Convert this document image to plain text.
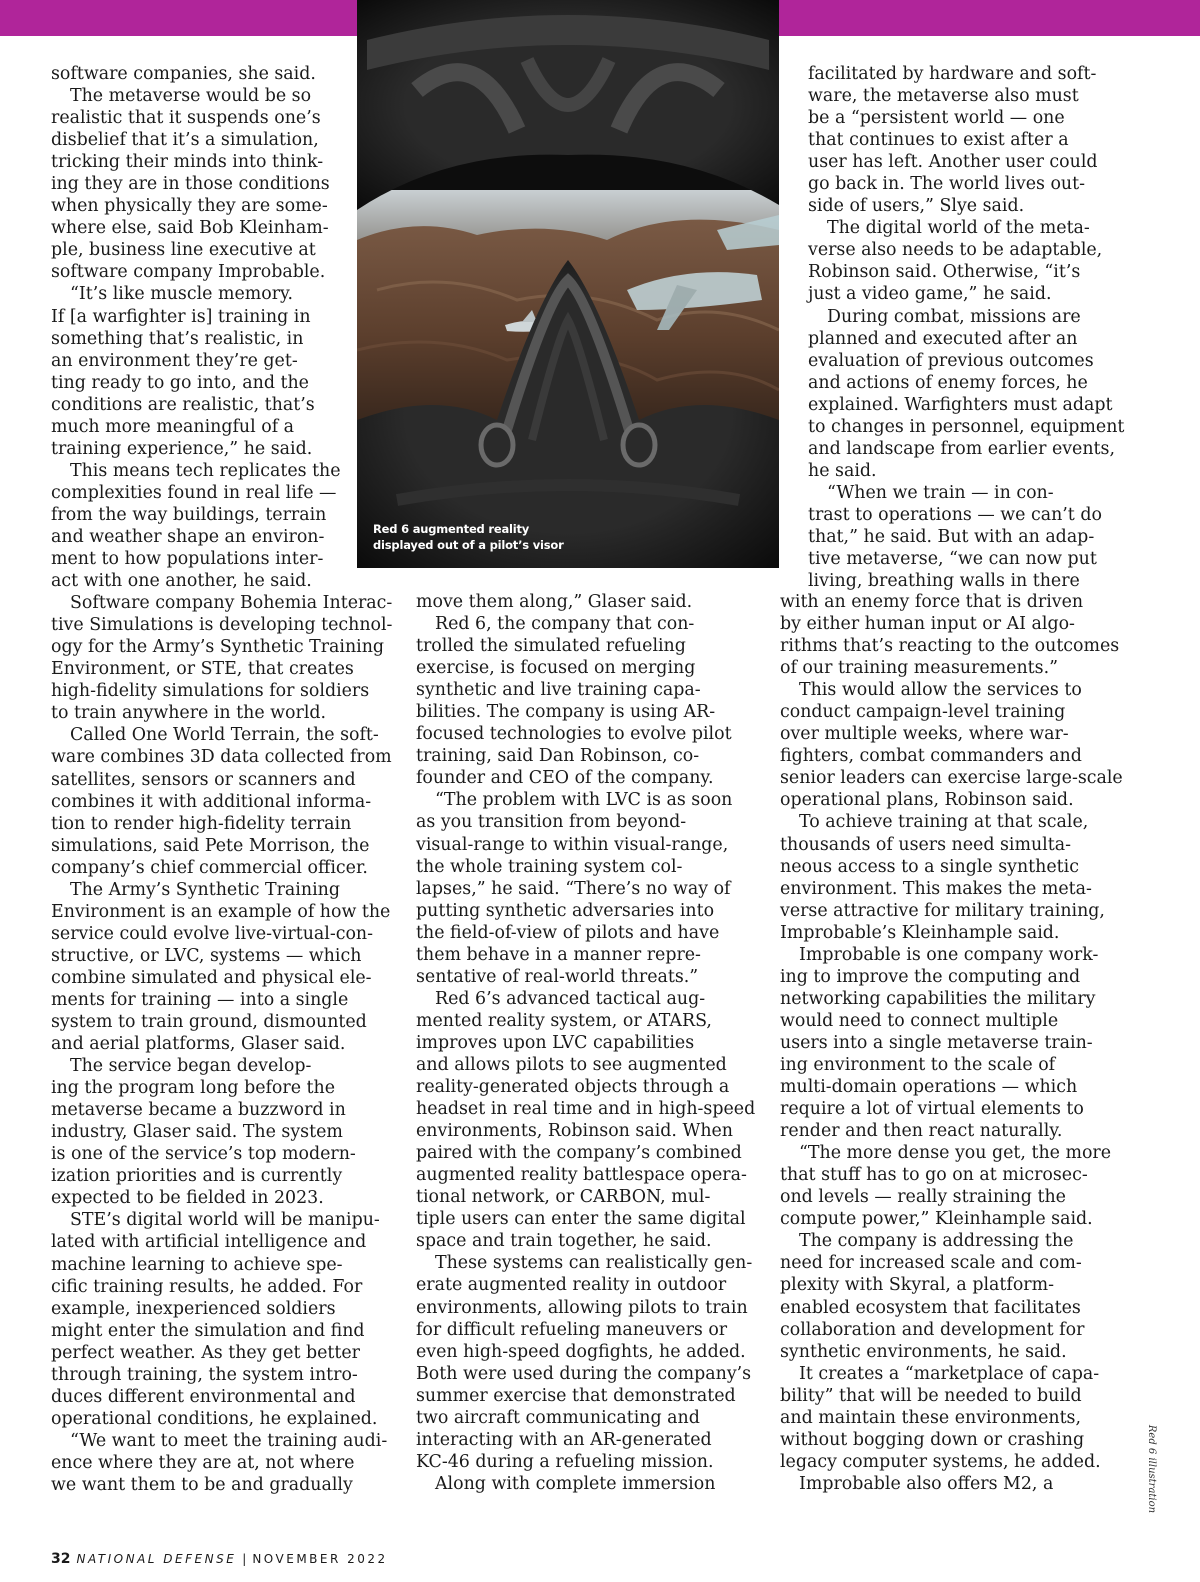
software companies, she said.

The metaverse would be so

realistic that it suspends one’s

disbelief that it’s a simulation,

tricking their minds into think-

ing they are in those conditions

when physically they are some-

where else, said Bob Kleinham-

ple, business line executive at

software company Improbable.

“It’s like muscle memory.

If [a warfighter is] training in

something that’s realistic, in

an environment they’re get-

ting ready to go into, and the

conditions are realistic, that’s

much more meaningful of a

training experience,” he said.

This means tech replicates the

complexities found in real life —

from the way buildings, terrain

and weather shape an environ-

ment to how populations inter-

act with one another, he said.

Software company Bohemia Interac-

tive Simulations is developing technol-

ogy for the Army’s Synthetic Training

Environment, or STE, that creates

high-fidelity simulations for soldiers

to train anywhere in the world.

Called One World Terrain, the soft-

ware combines 3D data collected from

satellites, sensors or scanners and

combines it with additional informa-

tion to render high-fidelity terrain

simulations, said Pete Morrison, the

company’s chief commercial officer.

The Army’s Synthetic Training

Environment is an example of how the

service could evolve live-virtual-con-

structive, or LVC, systems — which

combine simulated and physical ele-

ments for training — into a single

system to train ground, dismounted

and aerial platforms, Glaser said.

The service began develop-

ing the program long before the

metaverse became a buzzword in

industry, Glaser said. The system

is one of the service’s top modern-

ization priorities and is currently

expected to be fielded in 2023.

STE’s digital world will be manipu-

lated with artificial intelligence and

machine learning to achieve spe-

cific training results, he added. For

example, inexperienced soldiers

might enter the simulation and find

perfect weather. As they get better

through training, the system intro-

duces different environmental and

operational conditions, he explained.

“We want to meet the training audi-

ence where they are at, not where

we want them to be and gradually

facilitated by hardware and soft-

ware, the metaverse also must

be a “persistent world — one

that continues to exist after a

user has left. Another user could

go back in. The world lives out-

side of users,” Slye said.

The digital world of the meta-

verse also needs to be adaptable,

Robinson said. Otherwise, “it’s

just a video game,” he said.

During combat, missions are

planned and executed after an

evaluation of previous outcomes

and actions of enemy forces, he

explained. Warfighters must adapt

to changes in personnel, equipment

and landscape from earlier events,

he said.

“When we train — in con-

trast to operations — we can’t do

that,” he said. But with an adap-

tive metaverse, “we can now put

living, breathing walls in there

move them along,” Glaser said.

Red 6, the company that con-

trolled the simulated refueling

exercise, is focused on merging

synthetic and live training capa-

bilities. The company is using AR-

focused technologies to evolve pilot

training, said Dan Robinson, co-

founder and CEO of the company.

“The problem with LVC is as soon

as you transition from beyond-

visual-range to within visual-range,

the whole training system col-

lapses,” he said. “There’s no way of

putting synthetic adversaries into

the field-of-view of pilots and have

them behave in a manner repre-

sentative of real-world threats.”

Red 6’s advanced tactical aug-

mented reality system, or ATARS,

improves upon LVC capabilities

and allows pilots to see augmented

reality-generated objects through a

headset in real time and in high-speed

environments, Robinson said. When

paired with the company’s combined

augmented reality battlespace opera-

tional network, or CARBON, mul-

tiple users can enter the same digital

space and train together, he said.

These systems can realistically gen-

erate augmented reality in outdoor

environments, allowing pilots to train

for difficult refueling maneuvers or

even high-speed dogfights, he added.

Both were used during the company’s

summer exercise that demonstrated

two aircraft communicating and

interacting with an AR-generated

KC-46 during a refueling mission.

Along with complete immersion

with an enemy force that is driven

by either human input or AI algo-

rithms that’s reacting to the outcomes

of our training measurements.”

This would allow the services to

conduct campaign-level training

over multiple weeks, where war-

fighters, combat commanders and

senior leaders can exercise large-scale

operational plans, Robinson said.

To achieve training at that scale,

thousands of users need simulta-

neous access to a single synthetic

environment. This makes the meta-

verse attractive for military training,

Improbable’s Kleinhample said.

Improbable is one company work-

ing to improve the computing and

networking capabilities the military

would need to connect multiple

users into a single metaverse train-

ing environment to the scale of

multi-domain operations — which

require a lot of virtual elements to

render and then react naturally.

“The more dense you get, the more

that stuff has to go on at microsec-

ond levels — really straining the

compute power,” Kleinhample said.

The company is addressing the

need for increased scale and com-

plexity with Skyral, a platform-

enabled ecosystem that facilitates

collaboration and development for

synthetic environments, he said.

It creates a “marketplace of capa-

bility” that will be needed to build

and maintain these environments,

without bogging down or crashing

legacy computer systems, he added.

Improbable also offers M2, a

Red 6 augmented reality
displayed out of a pilot’s visor
Red 6 illustration
32 NATIONAL DEFENSE | NOVEMBER 2022
